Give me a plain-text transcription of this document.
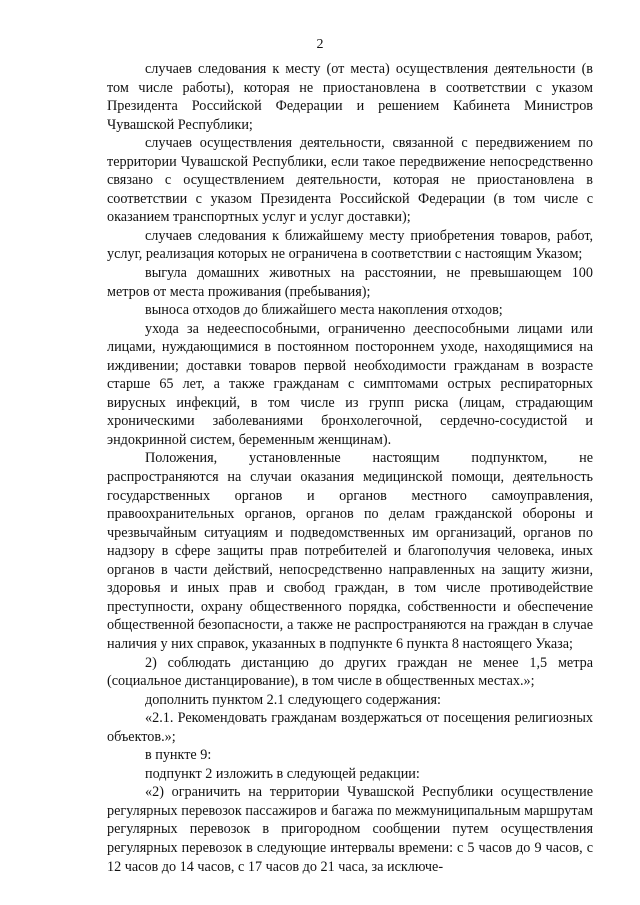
2

случаев следования к месту (от места) осуществления деятельности (в том числе работы), которая не приостановлена в соответствии с указом Президента Российской Федерации и решением Кабинета Министров Чувашской Республики;

случаев осуществления деятельности, связанной с передвижением по территории Чувашской Республики, если такое передвижение непосредственно связано с осуществлением деятельности, которая не приостановлена в соответствии с указом Президента Российской Федерации (в том числе с оказанием транспортных услуг и услуг доставки);

случаев следования к ближайшему месту приобретения товаров, работ, услуг, реализация которых не ограничена в соответствии с настоящим Указом;

выгула домашних животных на расстоянии, не превышающем 100 метров от места проживания (пребывания);

выноса отходов до ближайшего места накопления отходов;

ухода за недееспособными, ограниченно дееспособными лицами или лицами, нуждающимися в постоянном постороннем уходе, находящимися на иждивении; доставки товаров первой необходимости гражданам в возрасте старше 65 лет, а также гражданам с симптомами острых респираторных вирусных инфекций, в том числе из групп риска (лицам, страдающим хроническими заболеваниями бронхолегочной, сердечно-сосудистой и эндокринной систем, беременным женщинам).

Положения, установленные настоящим подпунктом, не распространяются на случаи оказания медицинской помощи, деятельность государственных органов и органов местного самоуправления, правоохранительных органов, органов по делам гражданской обороны и чрезвычайным ситуациям и подведомственных им организаций, органов по надзору в сфере защиты прав потребителей и благополучия человека, иных органов в части действий, непосредственно направленных на защиту жизни, здоровья и иных прав и свобод граждан, в том числе противодействие преступности, охрану общественного порядка, собственности и обеспечение общественной безопасности, а также не распространяются на граждан в случае наличия у них справок, указанных в подпункте 6 пункта 8 настоящего Указа;

2) соблюдать дистанцию до других граждан не менее 1,5 метра (социальное дистанцирование), в том числе в общественных местах.»;

дополнить пунктом 2.1 следующего содержания:

«2.1. Рекомендовать гражданам воздержаться от посещения религиозных объектов.»;

в пункте 9:

подпункт 2 изложить в следующей редакции:

«2) ограничить на территории Чувашской Республики осуществление регулярных перевозок пассажиров и багажа по межмуниципальным маршрутам регулярных перевозок в пригородном сообщении путем осуществления регулярных перевозок в следующие интервалы времени: с 5 часов до 9 часов, с 12 часов до 14 часов, с 17 часов до 21 часа, за исключе-
